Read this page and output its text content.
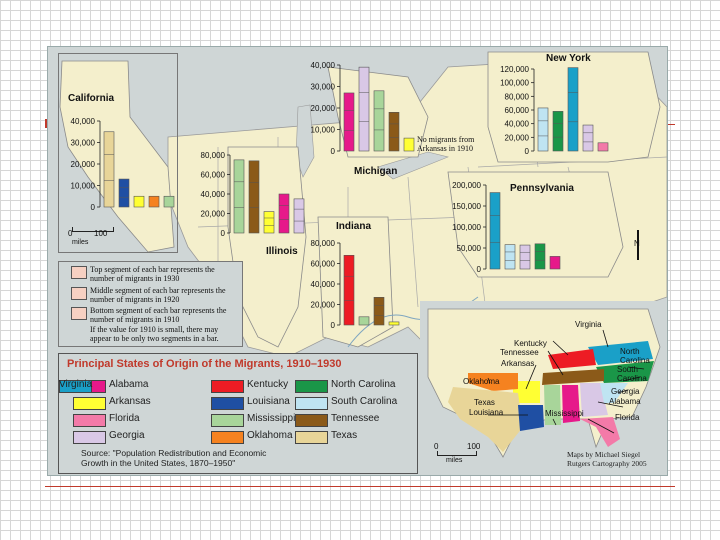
California
40,000
30,000
20,000
10,000
0
40,000
30,000
20,000
10,000
0
120,000
100,000
80,000
60,000
40,000
20,000
0
80,000
60,000
40,000
20,000
0
200,000
150,000
100,000
50,000
0
80,000
60,000
40,000
20,000
0
New York
Michigan
Illinois
Pennsylvania
Indiana
No migrants from Arkansas in 1910
0	100
miles
Top segment of each bar represents the number of migrants in 1930
Middle segment of each bar represents the number of migrants in 1920
Bottom segment of each bar represents the number of migrants in 1910
If the value for 1910 is small, there may appear to be only two segments in a bar.
Principal States of Origin of the Migrants, 1910–1930
Alabama
Arkansas
Florida
Georgia
Kentucky
Louisiana
Mississippi
Oklahoma
North Carolina
South Carolina
Tennessee
Texas
Virginia
Source: "Population Redistribution and Economic Growth in the United States, 1870–1950"
Virginia
Kentucky
Tennessee
Arkansas
Oklahoma
Texas
Louisiana	Mississippi
Alabama
Georgia
Florida
North Carolina
South Carolina
N
0	100
miles
Maps by Michael Siegel
Rutgers Cartography 2005
